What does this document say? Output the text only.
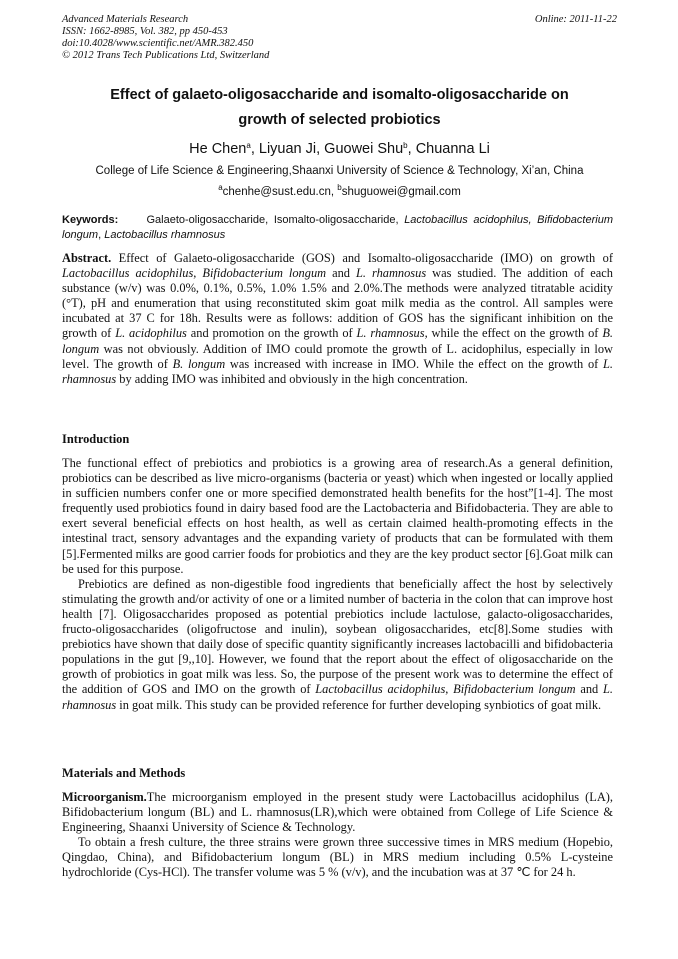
Advanced Materials Research
ISSN: 1662-8985, Vol. 382, pp 450-453
doi:10.4028/www.scientific.net/AMR.382.450
© 2012 Trans Tech Publications Ltd, Switzerland
Online: 2011-11-22
Effect of galaeto-oligosaccharide and isomalto-oligosaccharide on
growth of selected probiotics
He Chen$^a$, Liyuan Ji, Guowei Shu$^b$, Chuanna Li
College of Life Science & Engineering,Shaanxi University of Science & Technology, Xi’an, China
$^a$chenhe@sust.edu.cn, $^b$shuguowei@gmail.com
Keywords:	Galaeto-oligosaccharide, Isomalto-oligosaccharide, Lactobacillus acidophilus, Bifidobacterium longum, Lactobacillus rhamnosus

Abstract. Effect of Galaeto-oligosaccharide (GOS) and Isomalto-oligosaccharide (IMO) on growth of Lactobacillus acidophilus, Bifidobacterium longum and L. rhamnosus was studied. The addition of each substance (w/v) was 0.0%, 0.1%, 0.5%, 1.0% 1.5% and 2.0%.The methods were analyzed titratable acidity (°T), pH and enumeration that using reconstituted skim goat milk media as the control. All samples were incubated at 37 C for 18h. Results were as follows: addition of GOS has the significant inhibition on the growth of L. acidophilus and promotion on the growth of L. rhamnosus, while the effect on the growth of B. longum was not obviously. Addition of IMO could promote the growth of L. acidophilus, especially in low level. The growth of B. longum was increased with increase in IMO. While the effect on the growth of L. rhamnosus by adding IMO was inhibited and obviously in the high concentration.

Introduction

The functional effect of prebiotics and probiotics is a growing area of research.As a general definition, probiotics can be described as live micro-organisms (bacteria or yeast) which when ingested or locally applied in sufficien numbers confer one or more specified demonstrated health benefits for the host”[1-4]. The most frequently used probiotics found in dairy based food are the Lactobacteria and Bifidobacteria. They are able to exert several beneficial effects on host health, as well as certain claimed health-promoting effects in the intestinal tract, sensory advantages and the expanding variety of products that can be formulated with them [5].Fermented milks are good carrier foods for probiotics and they are the key product sector [6].Goat milk can be used for this purpose.

Prebiotics are defined as non-digestible food ingredients that beneficially affect the host by selectively stimulating the growth and/or activity of one or a limited number of bacteria in the colon that can improve host health [7]. Oligosaccharides proposed as potential prebiotics include lactulose, galacto-oligosaccharides, fructo-oligosaccharides (oligofructose and inulin), soybean oligosaccharides, etc[8].Some studies with prebiotics have shown that daily dose of specific quantity significantly increases lactobacilli and bifidobacteria populations in the gut [9,,10]. However, we found that the report about the effect of oligosaccharide on the growth of probiotics in goat milk was less. So, the purpose of the present work was to determine the effect of the addition of GOS and IMO on the growth of Lactobacillus acidophilus, Bifidobacterium longum and L. rhamnosus in goat milk. This study can be provided reference for further developing synbiotics of goat milk.

Materials and Methods

Microorganism.The microorganism employed in the present study were Lactobacillus acidophilus (LA), Bifidobacterium longum (BL) and L. rhamnosus(LR),which were obtained from College of Life Science & Engineering, Shaanxi University of Science & Technology.

To obtain a fresh culture, the three strains were grown three successive times in MRS medium (Hopebio, Qingdao, China), and Bifidobacterium longum (BL) in MRS medium including 0.5% L-cysteine hydrochloride (Cys-HCl). The transfer volume was 5 % (v/v), and the incubation was at 37 ℃ for 24 h.
